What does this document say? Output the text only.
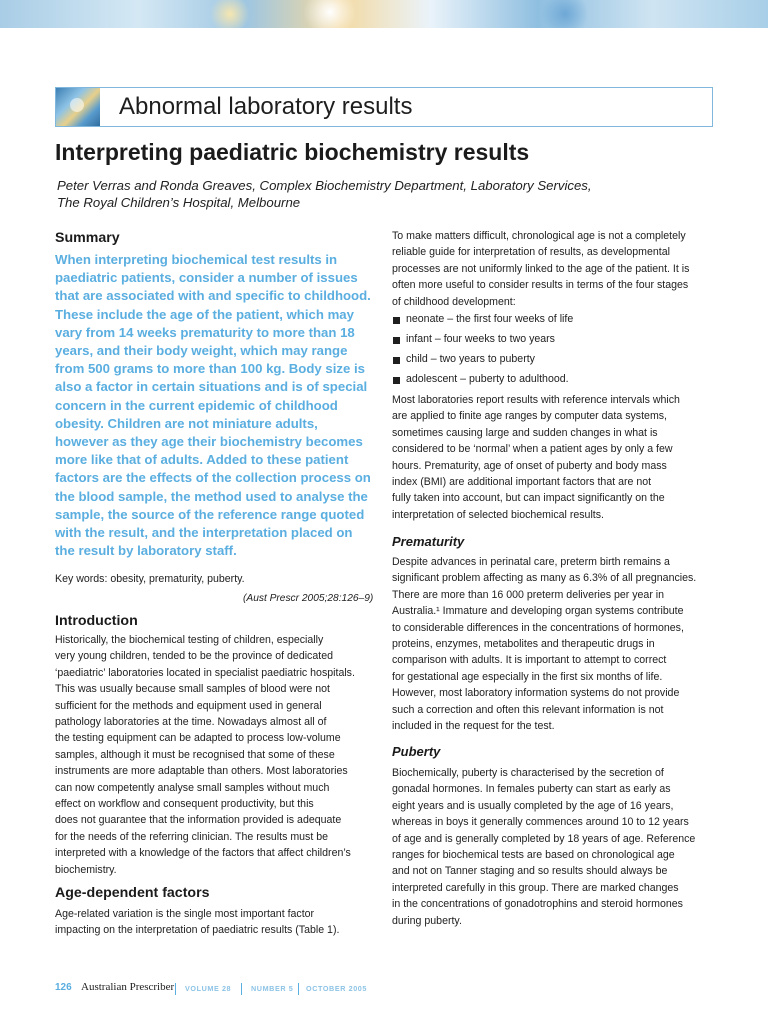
Abnormal laboratory results
Interpreting paediatric biochemistry results
Peter Verras and Ronda Greaves, Complex Biochemistry Department, Laboratory Services,
The Royal Children’s Hospital, Melbourne
Summary
When interpreting biochemical test results in
paediatric patients, consider a number of issues
that are associated with and specific to childhood.
These include the age of the patient, which may
vary from 14 weeks prematurity to more than 18
years, and their body weight, which may range
from 500 grams to more than 100 kg. Body size is
also a factor in certain situations and is of special
concern in the current epidemic of childhood
obesity. Children are not miniature adults,
however as they age their biochemistry becomes
more like that of adults. Added to these patient
factors are the effects of the collection process on
the blood sample, the method used to analyse the
sample, the source of the reference range quoted
with the result, and the interpretation placed on
the result by laboratory staff.
Key words: obesity, prematurity, puberty.
(Aust Prescr 2005;28:126–9)
Introduction
Historically, the biochemical testing of children, especially
very young children, tended to be the province of dedicated
‘paediatric’ laboratories located in specialist paediatric hospitals.
This was usually because small samples of blood were not
sufficient for the methods and equipment used in general
pathology laboratories at the time. Nowadays almost all of
the testing equipment can be adapted to process low-volume
samples, although it must be recognised that some of these
instruments are more adaptable than others. Most laboratories
can now competently analyse small samples without much
effect on workflow and consequent productivity, but this
does not guarantee that the information provided is adequate
for the needs of the referring clinician. The results must be
interpreted with a knowledge of the factors that affect children’s
biochemistry.
Age-dependent factors
Age-related variation is the single most important factor
impacting on the interpretation of paediatric results (Table 1).
To make matters difficult, chronological age is not a completely
reliable guide for interpretation of results, as developmental
processes are not uniformly linked to the age of the patient. It is
often more useful to consider results in terms of the four stages
of childhood development:
neonate – the first four weeks of life
infant – four weeks to two years
child – two years to puberty
adolescent – puberty to adulthood.
Most laboratories report results with reference intervals which
are applied to finite age ranges by computer data systems,
sometimes causing large and sudden changes in what is
considered to be ‘normal’ when a patient ages by only a few
hours. Prematurity, age of onset of puberty and body mass
index (BMI) are additional important factors that are not
fully taken into account, but can impact significantly on the
interpretation of selected biochemical results.
Prematurity
Despite advances in perinatal care, preterm birth remains a
significant problem affecting as many as 6.3% of all pregnancies.
There are more than 16 000 preterm deliveries per year in
Australia.¹ Immature and developing organ systems contribute
to considerable differences in the concentrations of hormones,
proteins, enzymes, metabolites and therapeutic drugs in
comparison with adults. It is important to attempt to correct
for gestational age especially in the first six months of life.
However, most laboratory information systems do not provide
such a correction and often this relevant information is not
included in the request for the test.
Puberty
Biochemically, puberty is characterised by the secretion of
gonadal hormones. In females puberty can start as early as
eight years and is usually completed by the age of 16 years,
whereas in boys it generally commences around 10 to 12 years
of age and is generally completed by 18 years of age. Reference
ranges for biochemical tests are based on chronological age
and not on Tanner staging and so results should always be
interpreted carefully in this group. There are marked changes
in the concentrations of gonadotrophins and steroid hormones
during puberty.
126 Australian Prescriber VOLUME 28	NUMBER 5 OCTOBER 2005
